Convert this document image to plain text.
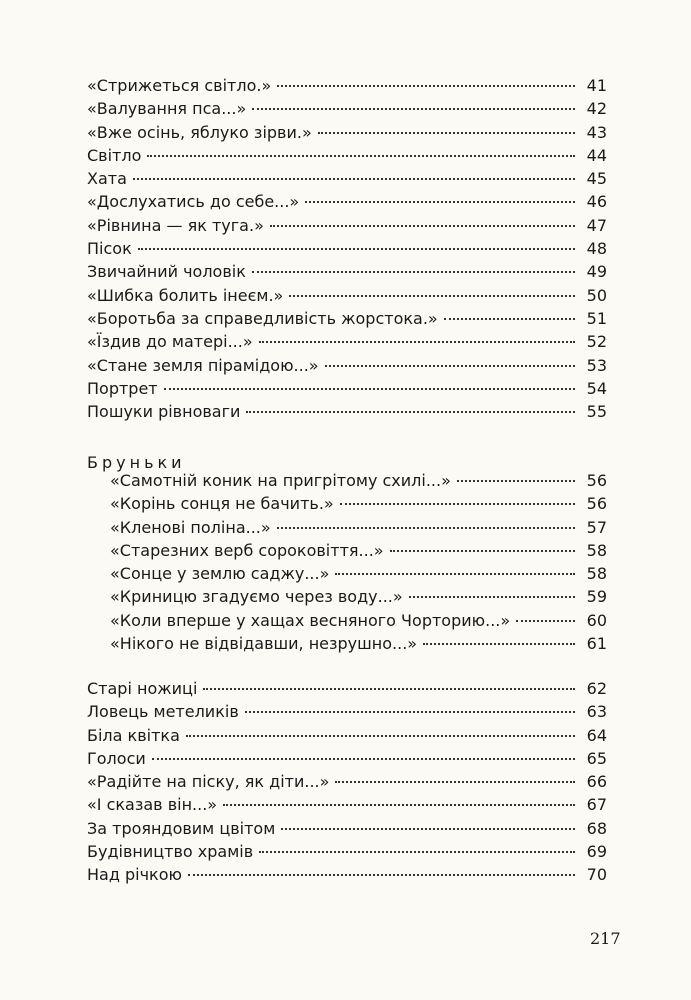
«Стрижеться світло.»	41
«Валування пса...»	42
«Вже осінь, яблуко зірви.»	43
Світло	44
Хата	45
«Дослухатись до себе...»	46
«Рівнина — як туга.»	47
Пісок	48
Звичайний чоловік	49
«Шибка болить інеєм.»	50
«Боротьба за справедливість жорстока.»	51
«Їздив до матері...»	52
«Стане земля пірамідою...»	53
Портрет	54
Пошуки рівноваги	55
Бруньки
«Самотній коник на пригрітому схилі...»	56
«Корінь сонця не бачить.»	56
«Кленові поліна...»	57
«Старезних верб сороковіття...»	58
«Сонце у землю саджу...»	58
«Криницю згадуємо через воду...»	59
«Коли вперше у хащах весняного Чорторию...»	60
«Нікого не відвідавши, незрушно...»	61
Старі ножиці	62
Ловець метеликів	63
Біла квітка	64
Голоси	65
«Радійте на піску, як діти...»	66
«І сказав він...»	67
За трояндовим цвітом	68
Будівництво храмів	69
Над річкою	70
217
